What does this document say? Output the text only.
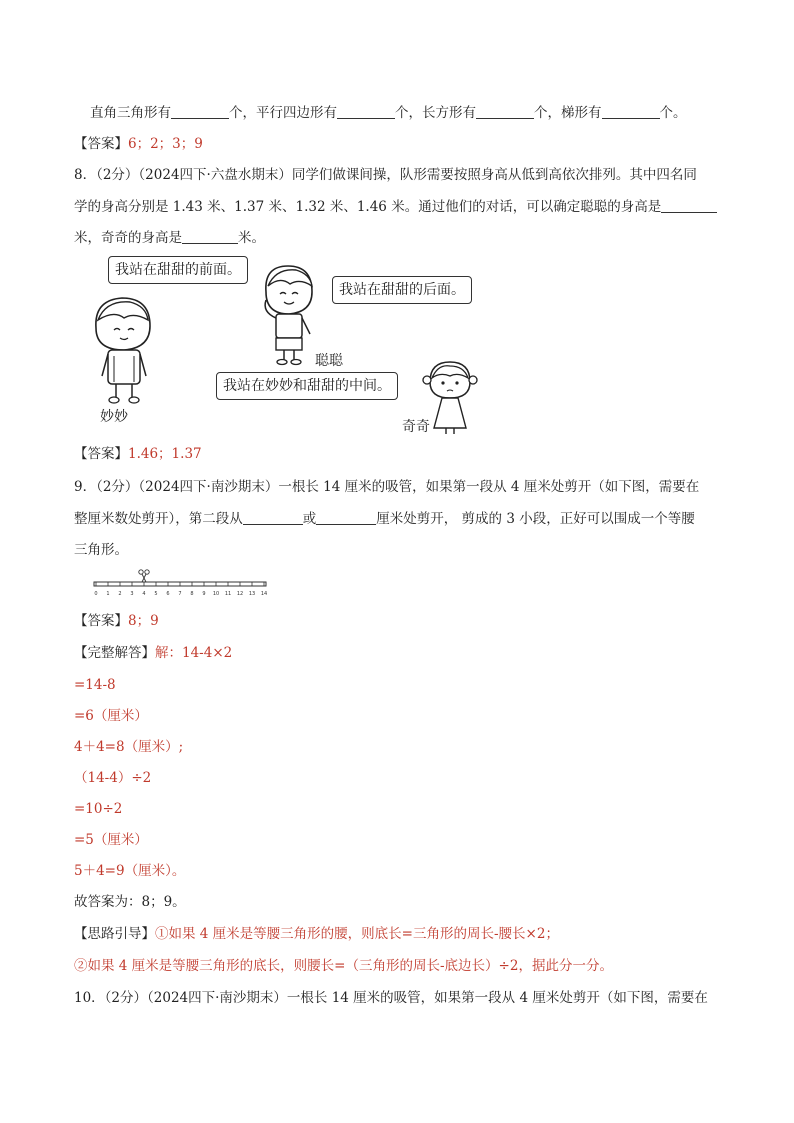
直角三角形有	个，平行四边形有	个，长方形有	个，梯形有	个。
【答案】6；2；3；9
8．（2分）（2024四下·六盘水期末）同学们做课间操，队形需要按照身高从低到高依次排列。其中四名同
学的身高分别是 1.43 米、1.37 米、1.32 米、1.46 米。通过他们的对话，可以确定聪聪的身高是
米，奇奇的身高是	米。
我站在甜甜的前面。
我站在甜甜的后面。
我站在妙妙和甜甜的中间。
妙妙
聪聪
奇奇
【答案】1.46；1.37
9．（2分）（2024四下·南沙期末）一根长 14 厘米的吸管，如果第一段从 4 厘米处剪开（如下图，需要在
整厘米数处剪开），第二段从	或	厘米处剪开， 剪成的 3 小段，正好可以围成一个等腰
三角形。
0 1 2 3 4 5 6 7 8 9 10 11 12 13 14
【答案】8；9
【完整解答】解：14-4×2
=14-8
=6（厘米）
4＋4=8（厘米）;
（14-4）÷2
=10÷2
=5（厘米）
5＋4=9（厘米）。
故答案为：8；9。
【思路引导】①如果 4 厘米是等腰三角形的腰，则底长=三角形的周长-腰长×2；
②如果 4 厘米是等腰三角形的底长，则腰长=（三角形的周长-底边长）÷2，据此分一分。
10．（2分）（2024四下·南沙期末）一根长 14 厘米的吸管，如果第一段从 4 厘米处剪开（如下图，需要在
